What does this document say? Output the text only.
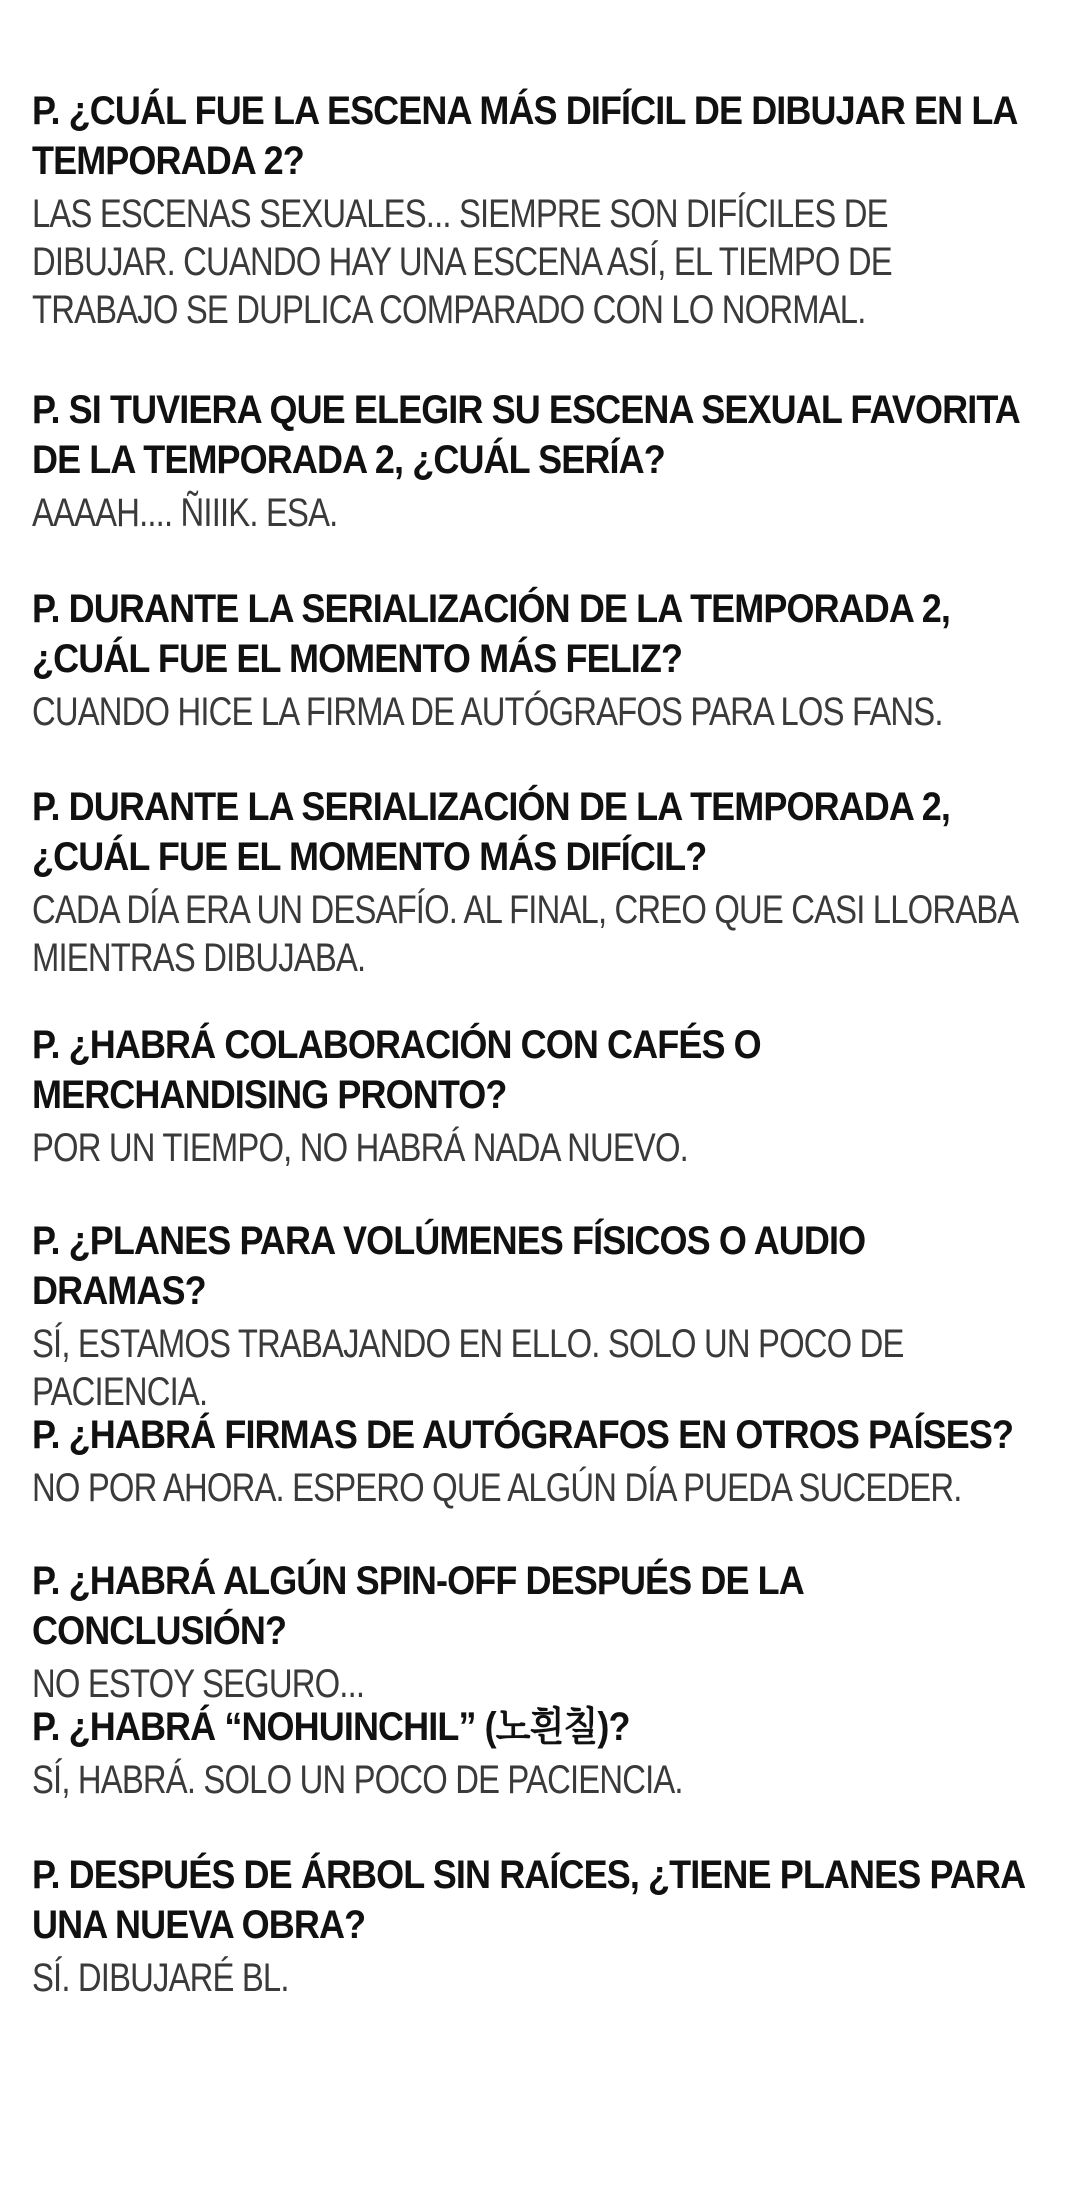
P. ¿CUÁL FUE LA ESCENA MÁS DIFÍCIL DE DIBUJAR EN LA TEMPORADA 2?

LAS ESCENAS SEXUALES... SIEMPRE SON DIFÍCILES DE DIBUJAR. CUANDO HAY UNA ESCENA ASÍ, EL TIEMPO DE TRABAJO SE DUPLICA COMPARADO CON LO NORMAL.

P. SI TUVIERA QUE ELEGIR SU ESCENA SEXUAL FAVORITA DE LA TEMPORADA 2, ¿CUÁL SERÍA?

AAAAH.... ÑIIIK. ESA.

P. DURANTE LA SERIALIZACIÓN DE LA TEMPORADA 2, ¿CUÁL FUE EL MOMENTO MÁS FELIZ?

CUANDO HICE LA FIRMA DE AUTÓGRAFOS PARA LOS FANS.

P. DURANTE LA SERIALIZACIÓN DE LA TEMPORADA 2, ¿CUÁL FUE EL MOMENTO MÁS DIFÍCIL?

CADA DÍA ERA UN DESAFÍO. AL FINAL, CREO QUE CASI LLORABA MIENTRAS DIBUJABA.

P. ¿HABRÁ COLABORACIÓN CON CAFÉS O MERCHANDISING PRONTO?

POR UN TIEMPO, NO HABRÁ NADA NUEVO.

P. ¿PLANES PARA VOLÚMENES FÍSICOS O AUDIO DRAMAS?

SÍ, ESTAMOS TRABAJANDO EN ELLO. SOLO UN POCO DE PACIENCIA.

P. ¿HABRÁ FIRMAS DE AUTÓGRAFOS EN OTROS PAÍSES?

NO POR AHORA. ESPERO QUE ALGÚN DÍA PUEDA SUCEDER.

P. ¿HABRÁ ALGÚN SPIN-OFF DESPUÉS DE LA CONCLUSIÓN?

NO ESTOY SEGURO...

P. ¿HABRÁ “NOHUINCHIL” (노흰칠)?

SÍ, HABRÁ. SOLO UN POCO DE PACIENCIA.

P. DESPUÉS DE ÁRBOL SIN RAÍCES, ¿TIENE PLANES PARA UNA NUEVA OBRA?

SÍ. DIBUJARÉ BL.
